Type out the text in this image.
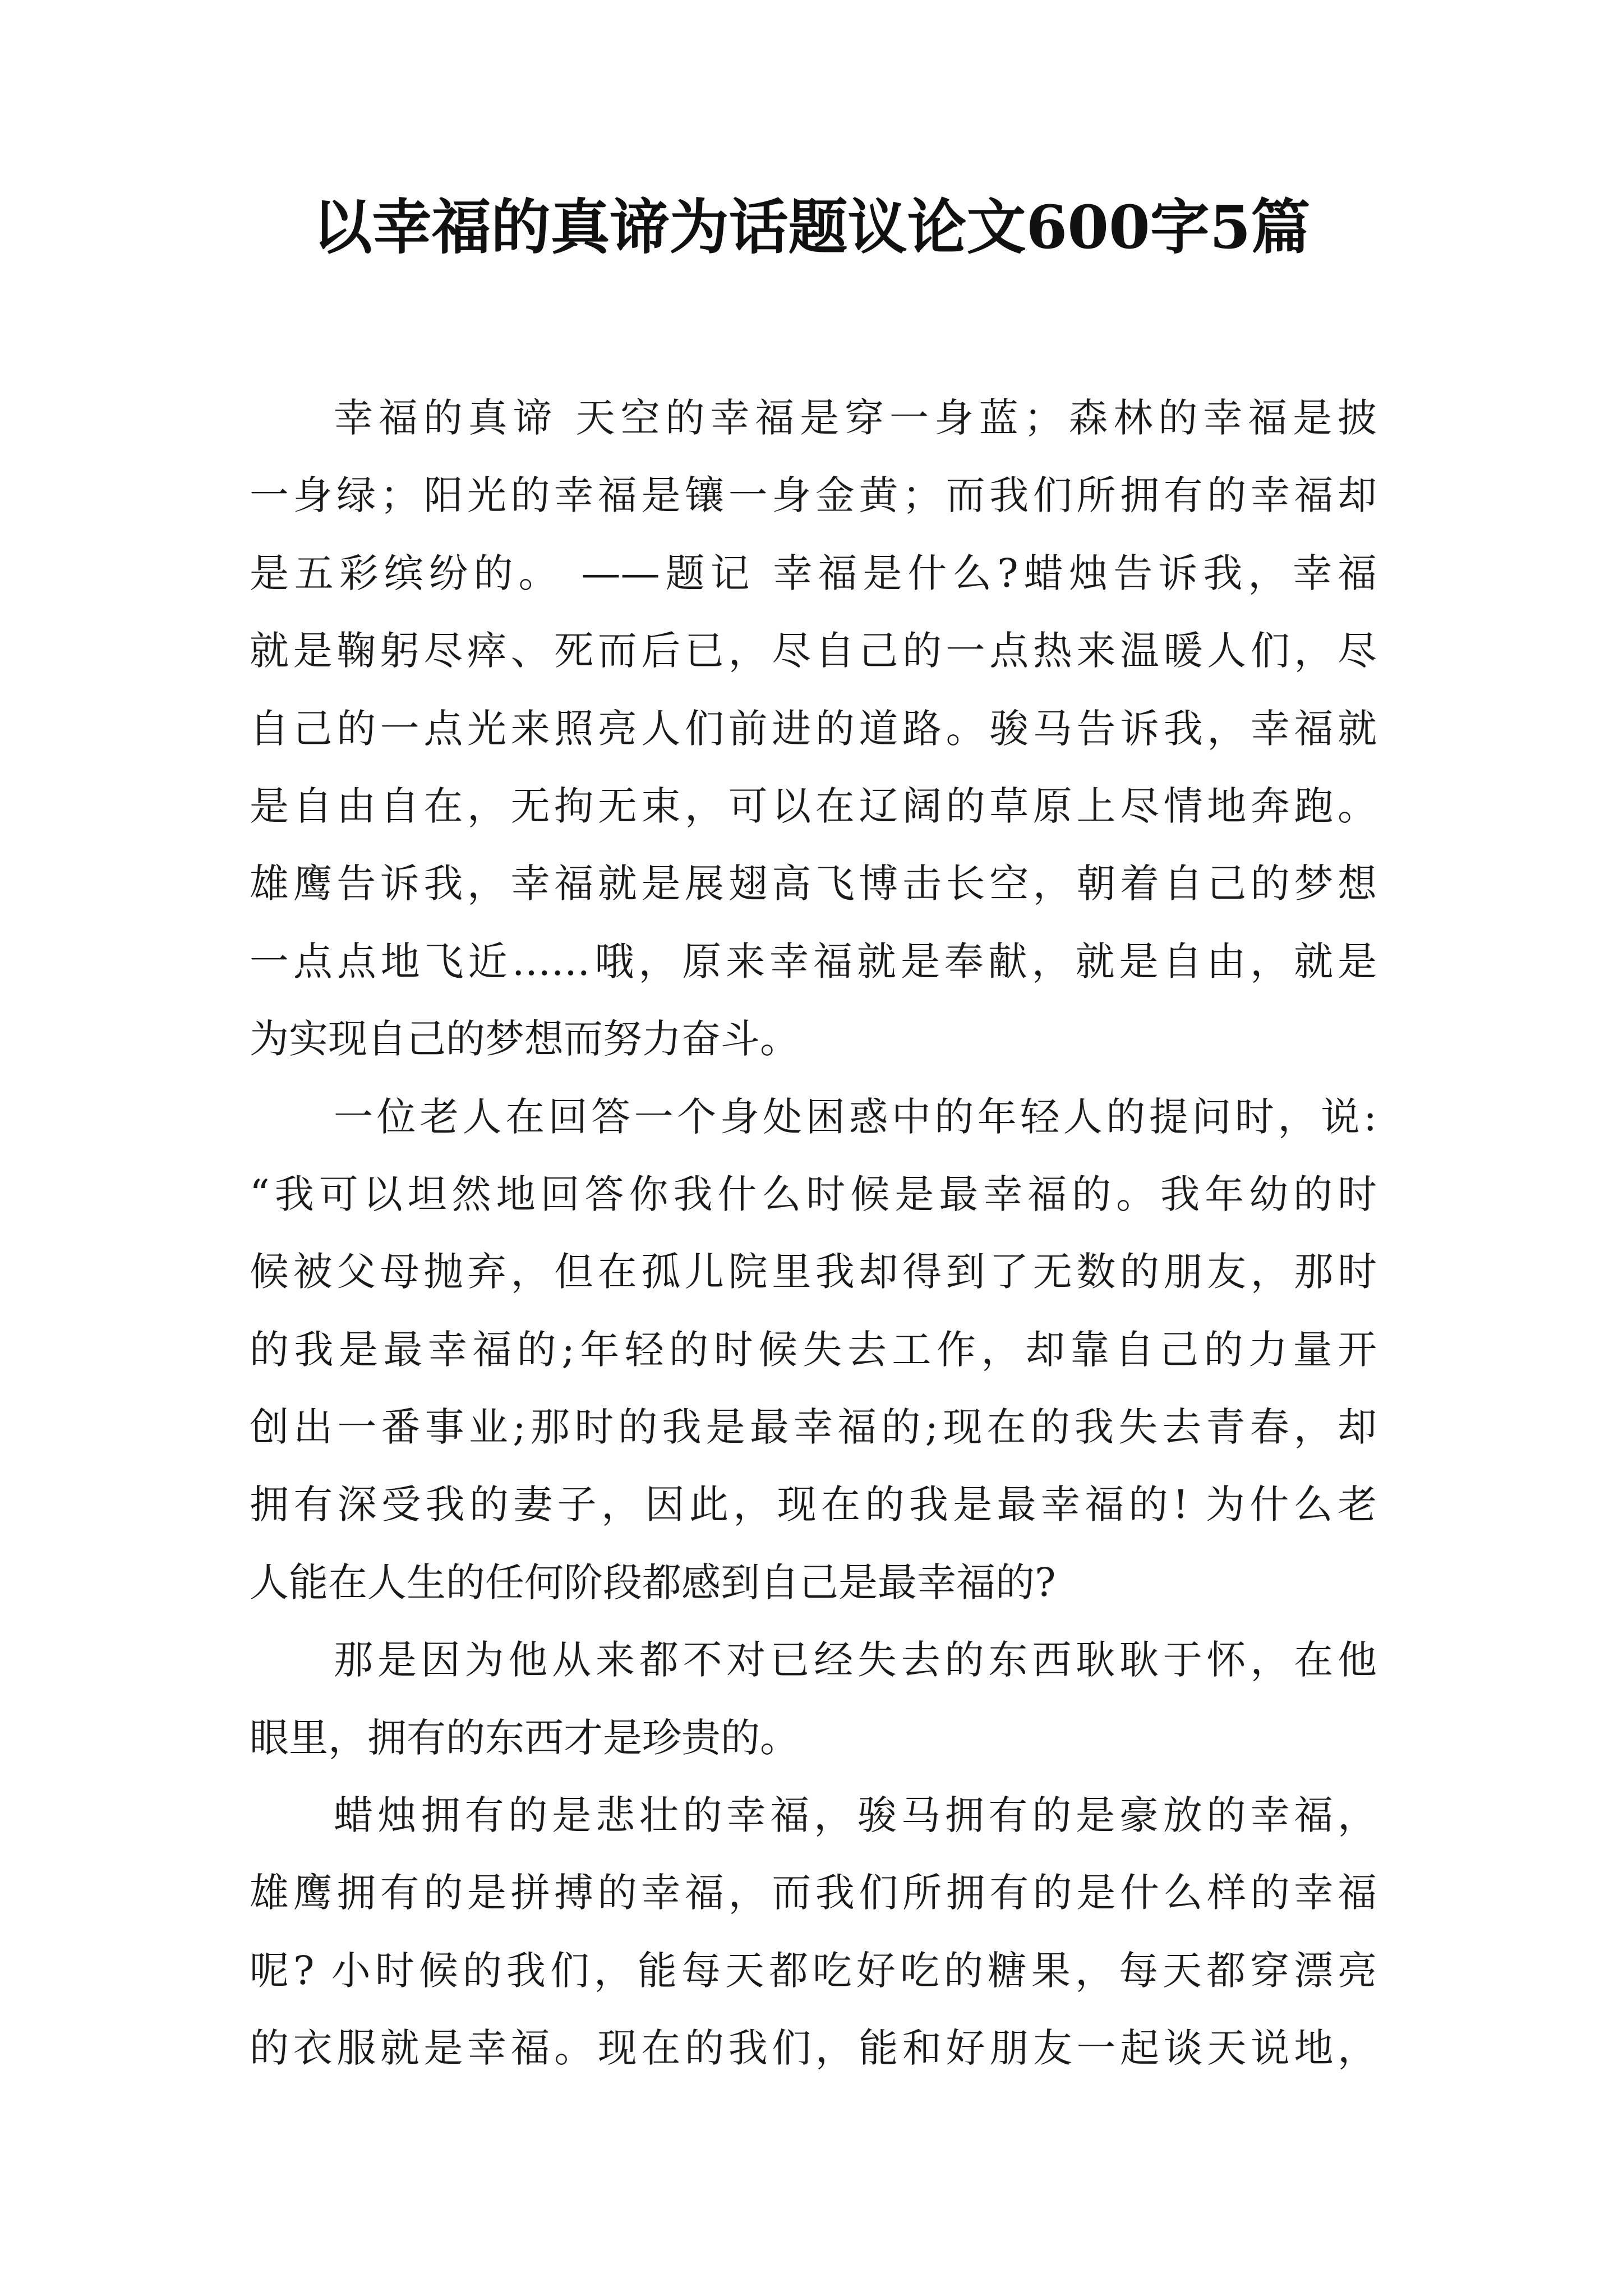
以幸福的真谛为话题议论文600字5篇
幸福的真谛 天空的幸福是穿一身蓝；森林的幸福是披
一身绿；阳光的幸福是镶一身金黄；而我们所拥有的幸福却
是五彩缤纷的。 ——题记 幸福是什么?蜡烛告诉我，幸福
就是鞠躬尽瘁、死而后已，尽自己的一点热来温暖人们，尽
自己的一点光来照亮人们前进的道路。骏马告诉我，幸福就
是自由自在，无拘无束，可以在辽阔的草原上尽情地奔跑。
雄鹰告诉我，幸福就是展翅高飞博击长空，朝着自己的梦想
一点点地飞近……哦，原来幸福就是奉献，就是自由，就是
为实现自己的梦想而努力奋斗。
一位老人在回答一个身处困惑中的年轻人的提问时，说:
“我可以坦然地回答你我什么时候是最幸福的。我年幼的时
候被父母抛弃，但在孤儿院里我却得到了无数的朋友，那时
的我是最幸福的;年轻的时候失去工作，却靠自己的力量开
创出一番事业;那时的我是最幸福的;现在的我失去青春，却
拥有深受我的妻子，因此，现在的我是最幸福的! 为什么老
人能在人生的任何阶段都感到自己是最幸福的?
那是因为他从来都不对已经失去的东西耿耿于怀，在他
眼里，拥有的东西才是珍贵的。
蜡烛拥有的是悲壮的幸福，骏马拥有的是豪放的幸福，
雄鹰拥有的是拼搏的幸福，而我们所拥有的是什么样的幸福
呢? 小时候的我们，能每天都吃好吃的糖果，每天都穿漂亮
的衣服就是幸福。现在的我们，能和好朋友一起谈天说地，
